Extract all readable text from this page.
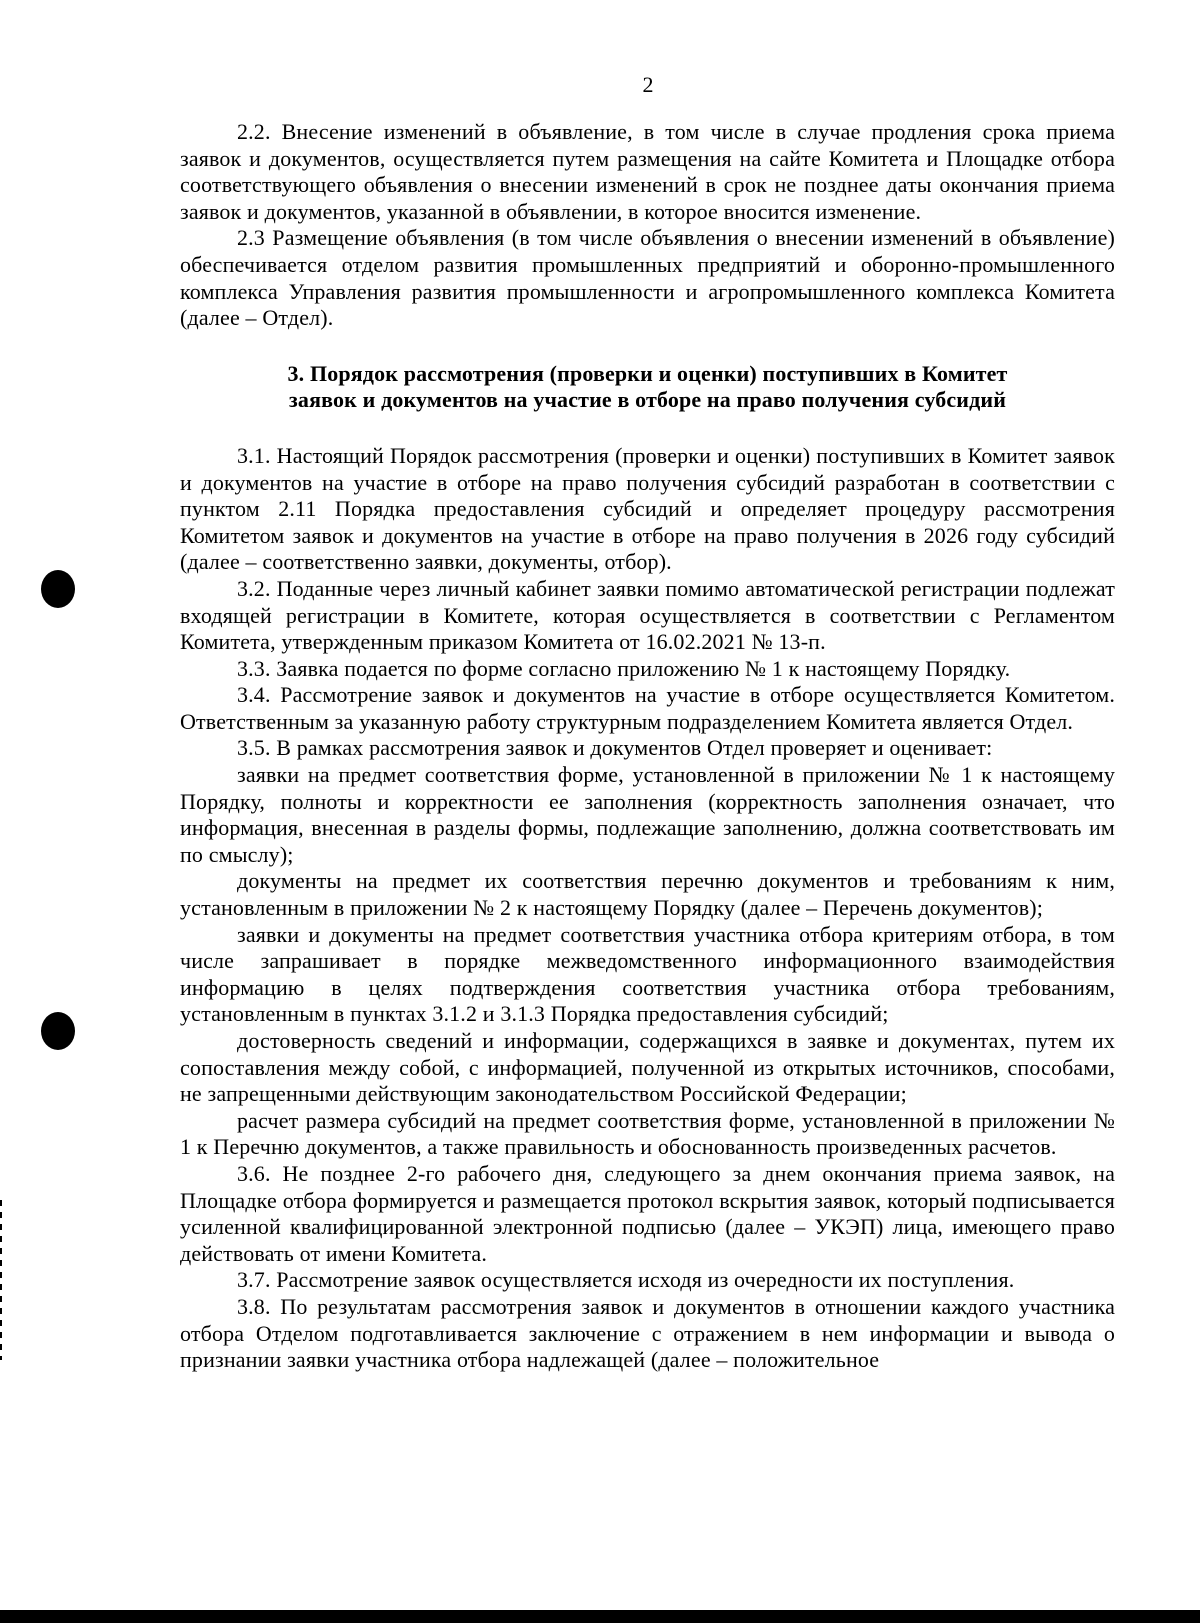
2

2.2. Внесение изменений в объявление, в том числе в случае продления срока приема заявок и документов, осуществляется путем размещения на сайте Комитета и Площадке отбора соответствующего объявления о внесении изменений в срок не позднее даты окончания приема заявок и документов, указанной в объявлении, в которое вносится изменение.

2.3 Размещение объявления (в том числе объявления о внесении изменений в объявление) обеспечивается отделом развития промышленных предприятий и оборонно-промышленного комплекса Управления развития промышленности и агропромышленного комплекса Комитета (далее – Отдел).

3. Порядок рассмотрения (проверки и оценки) поступивших в Комитет
заявок и документов на участие в отборе на право получения субсидий

3.1. Настоящий Порядок рассмотрения (проверки и оценки) поступивших в Комитет заявок и документов на участие в отборе на право получения субсидий разработан в соответствии с пунктом 2.11 Порядка предоставления субсидий и определяет процедуру рассмотрения Комитетом заявок и документов на участие в отборе на право получения в 2026 году субсидий (далее – соответственно заявки, документы, отбор).

3.2. Поданные через личный кабинет заявки помимо автоматической регистрации подлежат входящей регистрации в Комитете, которая осуществляется в соответствии с Регламентом Комитета, утвержденным приказом Комитета от 16.02.2021 № 13-п.

3.3. Заявка подается по форме согласно приложению № 1 к настоящему Порядку.

3.4. Рассмотрение заявок и документов на участие в отборе осуществляется Комитетом. Ответственным за указанную работу структурным подразделением Комитета является Отдел.

3.5. В рамках рассмотрения заявок и документов Отдел проверяет и оценивает:

заявки на предмет соответствия форме, установленной в приложении № 1 к настоящему Порядку, полноты и корректности ее заполнения (корректность заполнения означает, что информация, внесенная в разделы формы, подлежащие заполнению, должна соответствовать им по смыслу);

документы на предмет их соответствия перечню документов и требованиям к ним, установленным в приложении № 2 к настоящему Порядку (далее – Перечень документов);

заявки и документы на предмет соответствия участника отбора критериям отбора, в том числе запрашивает в порядке межведомственного информационного взаимодействия информацию в целях подтверждения соответствия участника отбора требованиям, установленным в пунктах 3.1.2 и 3.1.3 Порядка предоставления субсидий;

достоверность сведений и информации, содержащихся в заявке и документах, путем их сопоставления между собой, с информацией, полученной из открытых источников, способами, не запрещенными действующим законодательством Российской Федерации;

расчет размера субсидий на предмет соответствия форме, установленной в приложении № 1 к Перечню документов, а также правильность и обоснованность произведенных расчетов.

3.6. Не позднее 2-го рабочего дня, следующего за днем окончания приема заявок, на Площадке отбора формируется и размещается протокол вскрытия заявок, который подписывается усиленной квалифицированной электронной подписью (далее – УКЭП) лица, имеющего право действовать от имени Комитета.

3.7. Рассмотрение заявок осуществляется исходя из очередности их поступления.

3.8. По результатам рассмотрения заявок и документов в отношении каждого участника отбора Отделом подготавливается заключение с отражением в нем информации и вывода о признании заявки участника отбора надлежащей (далее – положительное
